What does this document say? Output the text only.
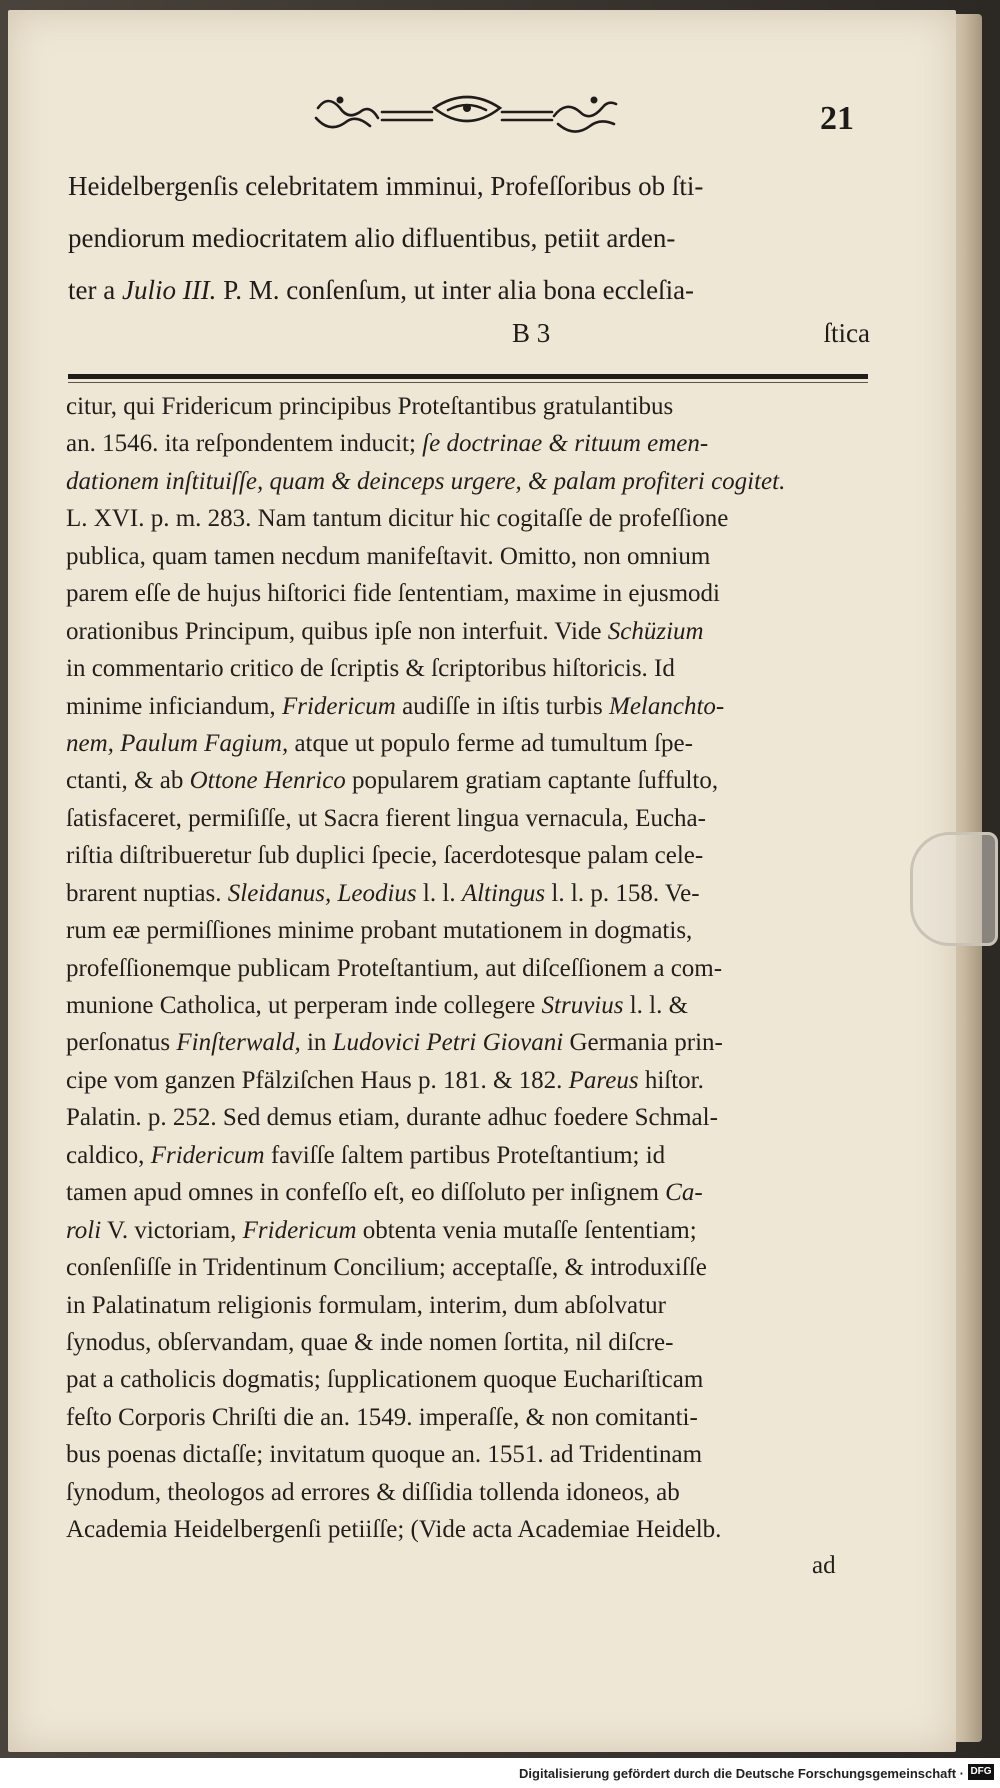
21
Heidelbergenſis celebritatem imminui, Profeſſoribus ob ſti-
pendiorum mediocritatem alio difluentibus, petiit arden-
ter a Julio III. P. M. conſenſum, ut inter alia bona eccleſia-
B 3	ſtica
citur, qui Fridericum principibus Proteſtantibus gratulantibus
an. 1546. ita reſpondentem inducit; ſe doctrinae & rituum emen-
dationem inſtituiſſe, quam & deinceps urgere, & palam profiteri cogitet.
L. XVI. p. m. 283. Nam tantum dicitur hic cogitaſſe de profeſſione
publica, quam tamen necdum manifeſtavit. Omitto, non omnium
parem eſſe de hujus hiſtorici fide ſententiam, maxime in ejusmodi
orationibus Principum, quibus ipſe non interfuit. Vide Schüzium
in commentario critico de ſcriptis & ſcriptoribus hiſtoricis. Id
minime inficiandum, Fridericum audiſſe in iſtis turbis Melanchto-
nem, Paulum Fagium, atque ut populo ferme ad tumultum ſpe-
ctanti, & ab Ottone Henrico popularem gratiam captante ſuffulto,
ſatisfaceret, permiſiſſe, ut Sacra fierent lingua vernacula, Eucha-
riſtia diſtribueretur ſub duplici ſpecie, ſacerdotesque palam cele-
brarent nuptias. Sleidanus, Leodius l. l. Altingus l. l. p. 158. Ve-
rum eæ permiſſiones minime probant mutationem in dogmatis,
profeſſionemque publicam Proteſtantium, aut diſceſſionem a com-
munione Catholica, ut perperam inde collegere Struvius l. l. &
perſonatus Finſterwald, in Ludovici Petri Giovani Germania prin-
cipe vom ganzen Pfälziſchen Haus p. 181. & 182. Pareus hiſtor.
Palatin. p. 252. Sed demus etiam, durante adhuc foedere Schmal-
caldico, Fridericum faviſſe ſaltem partibus Proteſtantium; id
tamen apud omnes in confeſſo eſt, eo diſſoluto per inſignem Ca-
roli V. victoriam, Fridericum obtenta venia mutaſſe ſententiam;
conſenſiſſe in Tridentinum Concilium; acceptaſſe, & introduxiſſe
in Palatinatum religionis formulam, interim, dum abſolvatur
ſynodus, obſervandam, quae & inde nomen ſortita, nil diſcre-
pat a catholicis dogmatis; ſupplicationem quoque Euchariſticam
feſto Corporis Chriſti die an. 1549. imperaſſe, & non comitanti-
bus poenas dictaſſe; invitatum quoque an. 1551. ad Tridentinam
ſynodum, theologos ad errores & diſſidia tollenda idoneos, ab
Academia Heidelbergenſi petiiſſe; (Vide acta Academiae Heidelb.
ad
Digitalisierung gefördert durch die Deutsche Forschungsgemeinschaft · DFG
